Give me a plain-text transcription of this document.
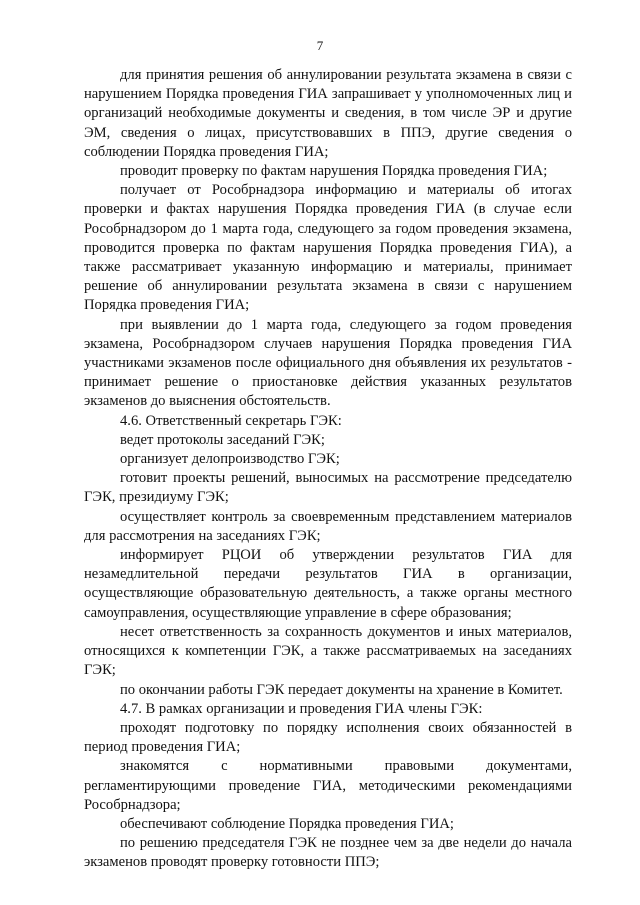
7

для принятия решения об аннулировании результата экзамена в связи с нарушением Порядка проведения ГИА запрашивает у уполномоченных лиц и организаций необходимые документы и сведения, в том числе ЭР и другие ЭМ, сведения о лицах, присутствовавших в ППЭ, другие сведения о соблюдении Порядка проведения ГИА;

проводит проверку по фактам нарушения Порядка проведения ГИА;

получает от Рособрнадзора информацию и материалы об итогах проверки и фактах нарушения Порядка проведения ГИА (в случае если Рособрнадзором до 1 марта года, следующего за годом проведения экзамена, проводится проверка по фактам нарушения Порядка проведения ГИА), а также рассматривает указанную информацию и материалы, принимает решение об аннулировании результата экзамена в связи с нарушением Порядка проведения ГИА;

при выявлении до 1 марта года, следующего за годом проведения экзамена, Рособрнадзором случаев нарушения Порядка проведения ГИА участниками экзаменов после официального дня объявления их результатов - принимает решение о приостановке действия указанных результатов экзаменов до выяснения обстоятельств.

4.6. Ответственный секретарь ГЭК:

ведет протоколы заседаний ГЭК;

организует делопроизводство ГЭК;

готовит проекты решений, выносимых на рассмотрение председателю ГЭК, президиуму ГЭК;

осуществляет контроль за своевременным представлением материалов для рассмотрения на заседаниях ГЭК;

информирует РЦОИ об утверждении результатов ГИА для незамедлительной передачи результатов ГИА в организации, осуществляющие образовательную деятельность, а также органы местного самоуправления, осуществляющие управление в сфере образования;

несет ответственность за сохранность документов и иных материалов, относящихся к компетенции ГЭК, а также рассматриваемых на заседаниях ГЭК;

по окончании работы ГЭК передает документы на хранение в Комитет.

4.7. В рамках организации и проведения ГИА члены ГЭК:

проходят подготовку по порядку исполнения своих обязанностей в период проведения ГИА;

знакомятся с нормативными правовыми документами, регламентирующими проведение ГИА, методическими рекомендациями Рособрнадзора;

обеспечивают соблюдение Порядка проведения ГИА;

по решению председателя ГЭК не позднее чем за две недели до начала экзаменов проводят проверку готовности ППЭ;
